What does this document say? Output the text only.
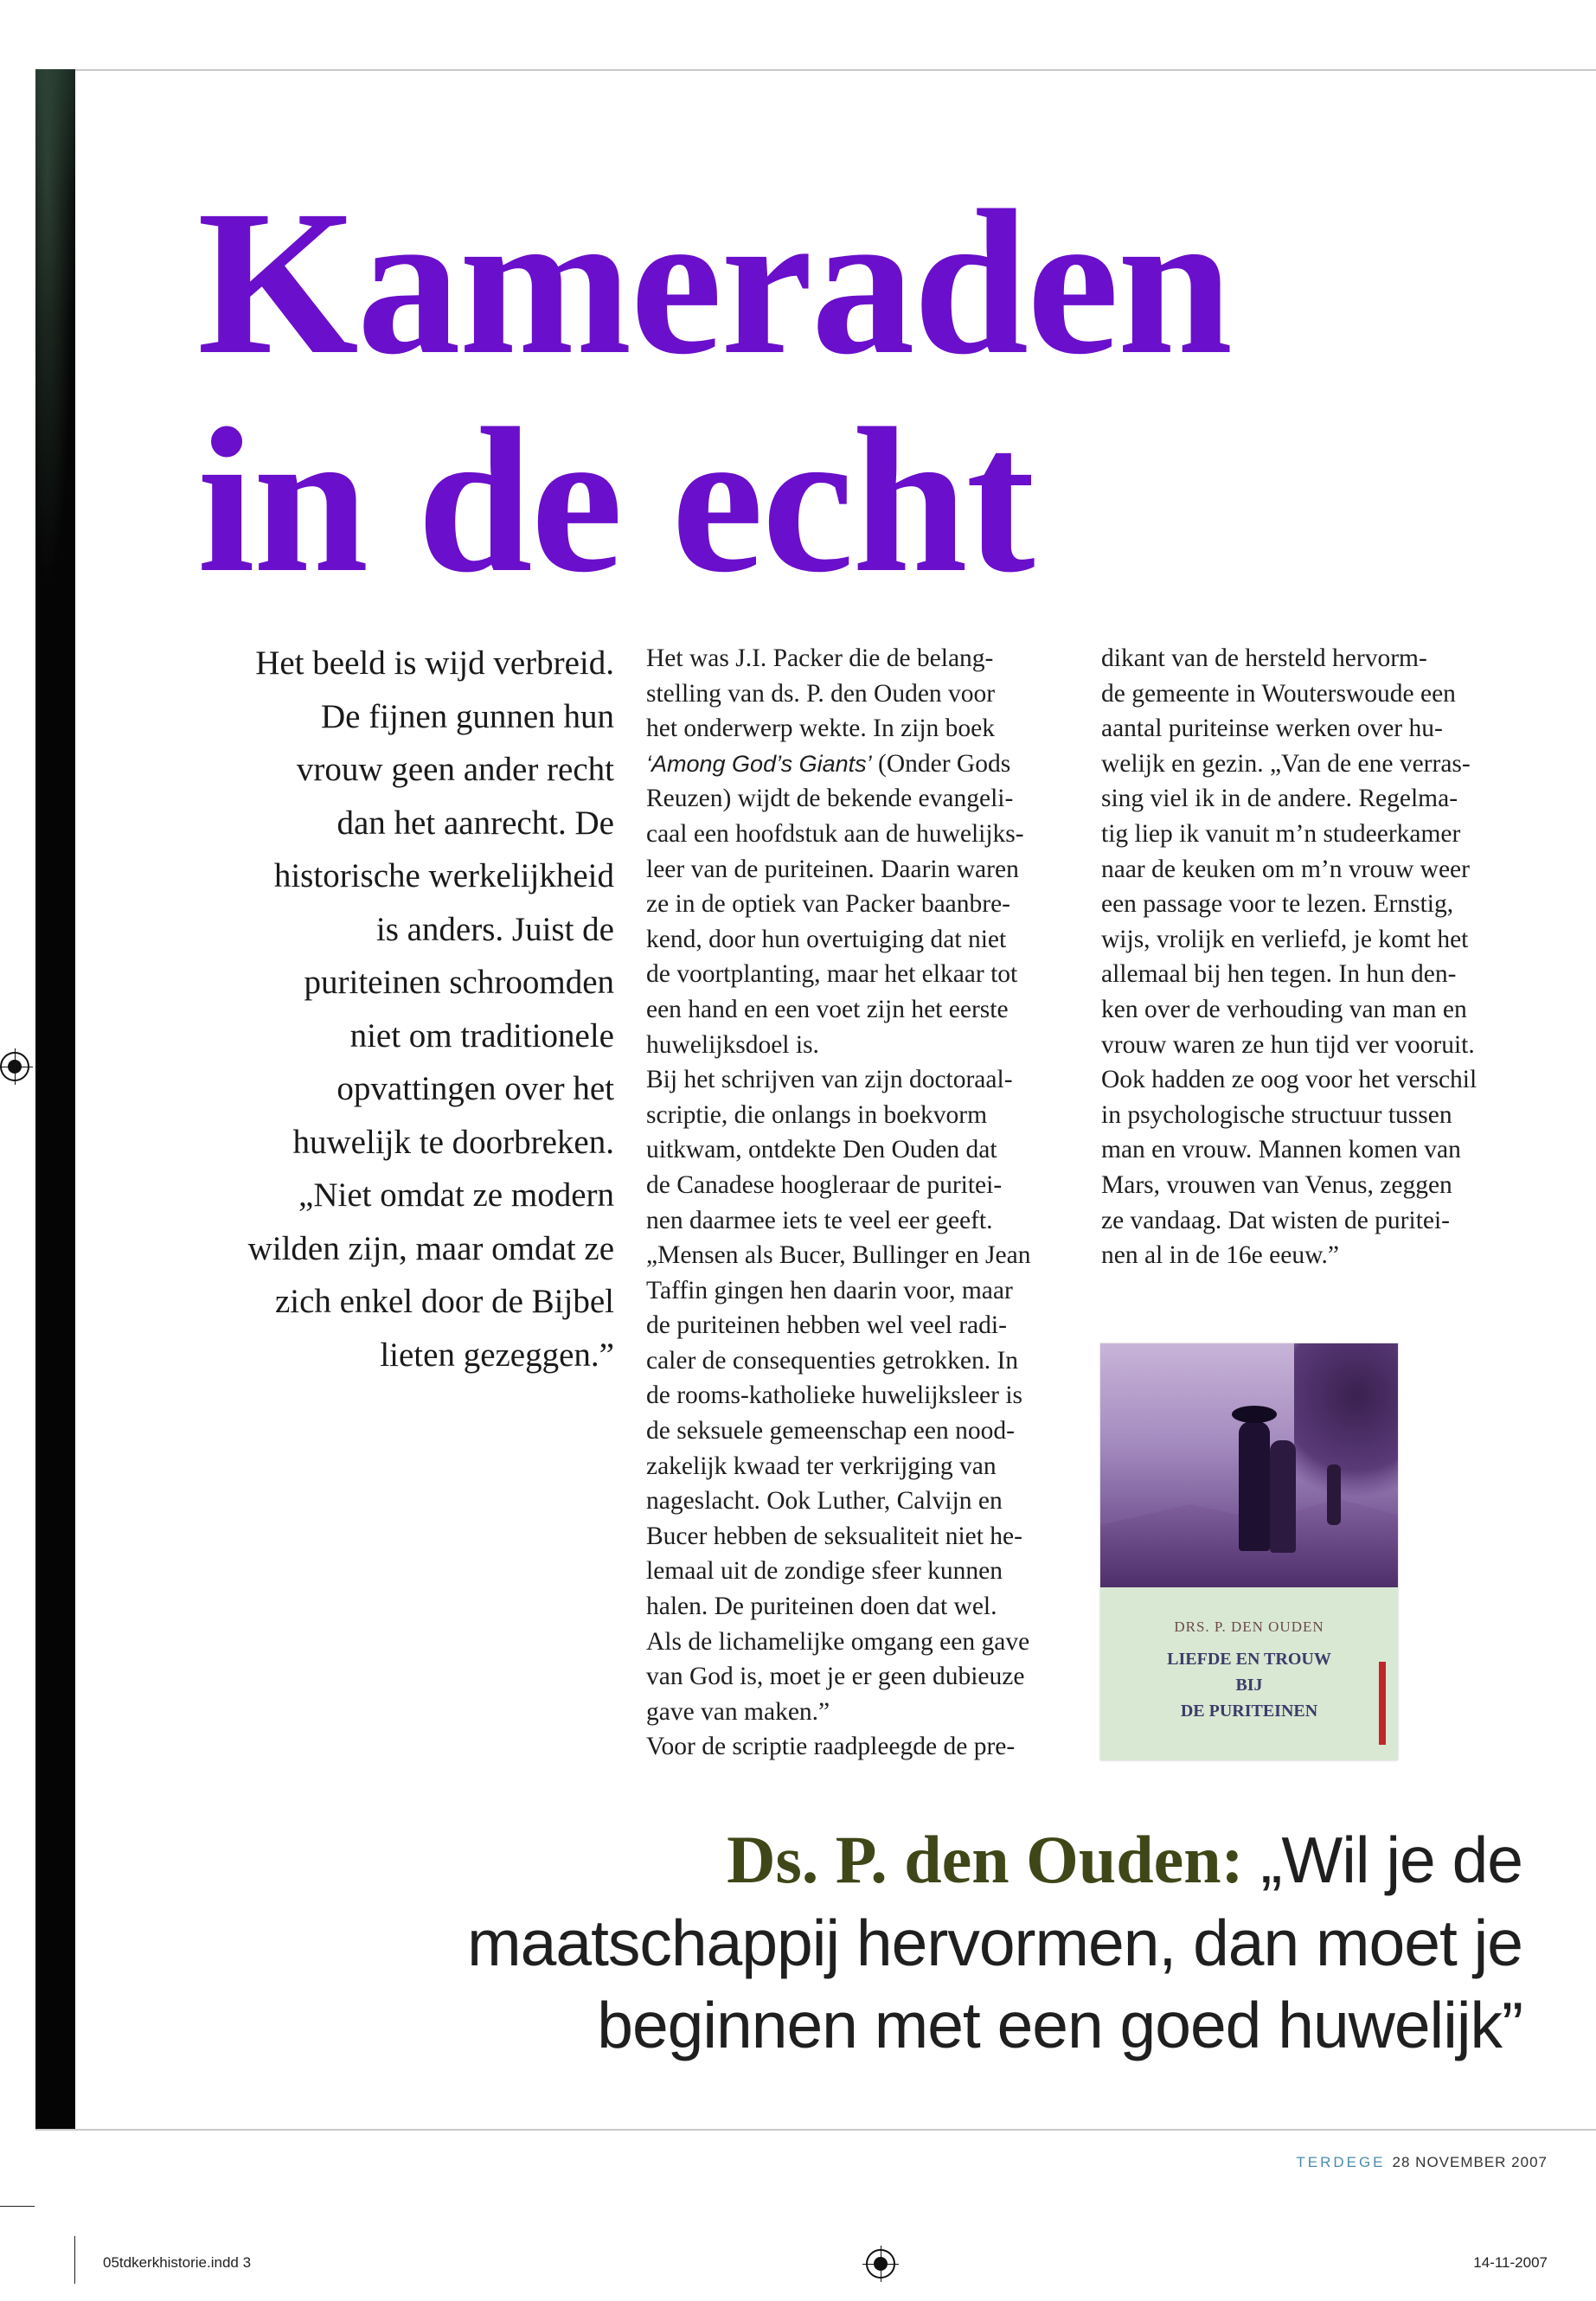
Kameraden
in de echt

Het beeld is wijd verbreid.
De fijnen gunnen hun
vrouw geen ander recht
dan het aanrecht. De
historische werkelijkheid
is anders. Juist de
puriteinen schroomden
niet om traditionele
opvattingen over het
huwelijk te doorbreken.
„Niet omdat ze modern
wilden zijn, maar omdat ze
zich enkel door de Bijbel
lieten gezeggen.”

Het was J.I. Packer die de belang-
stelling van ds. P. den Ouden voor
het onderwerp wekte. In zijn boek
‘Among God’s Giants’ (Onder Gods
Reuzen) wijdt de bekende evangeli-
caal een hoofdstuk aan de huwelijks-
leer van de puriteinen. Daarin waren
ze in de optiek van Packer baanbre-
kend, door hun overtuiging dat niet
de voortplanting, maar het elkaar tot
een hand en een voet zijn het eerste
huwelijksdoel is.
Bij het schrijven van zijn doctoraal-
scriptie, die onlangs in boekvorm
uitkwam, ontdekte Den Ouden dat
de Canadese hoogleraar de puritei-
nen daarmee iets te veel eer geeft.
„Mensen als Bucer, Bullinger en Jean
Taffin gingen hen daarin voor, maar
de puriteinen hebben wel veel radi-
caler de consequenties getrokken. In
de rooms-katholieke huwelijksleer is
de seksuele gemeenschap een nood-
zakelijk kwaad ter verkrijging van
nageslacht. Ook Luther, Calvijn en
Bucer hebben de seksualiteit niet he-
lemaal uit de zondige sfeer kunnen
halen. De puriteinen doen dat wel.
Als de lichamelijke omgang een gave
van God is, moet je er geen dubieuze
gave van maken.”
Voor de scriptie raadpleegde de pre-
dikant van de hersteld hervorm-
de gemeente in Wouterswoude een
aantal puriteinse werken over hu-
welijk en gezin. „Van de ene verras-
sing viel ik in de andere. Regelma-
tig liep ik vanuit m’n studeerkamer
naar de keuken om m’n vrouw weer
een passage voor te lezen. Ernstig,
wijs, vrolijk en verliefd, je komt het
allemaal bij hen tegen. In hun den-
ken over de verhouding van man en
vrouw waren ze hun tijd ver vooruit.
Ook hadden ze oog voor het verschil
in psychologische structuur tussen
man en vrouw. Mannen komen van
Mars, vrouwen van Venus, zeggen
ze vandaag. Dat wisten de puritei-
nen al in de 16e eeuw.”
DRS. P. DEN OUDEN
LIEFDE EN TROUW
BIJ
DE PURITEINEN
Ds. P. den Ouden: „Wil je de
maatschappij hervormen, dan moet je
beginnen met een goed huwelijk”

TERDEGE 28 NOVEMBER 2007

05tdkerkhistorie.indd 3	14-11-2007
